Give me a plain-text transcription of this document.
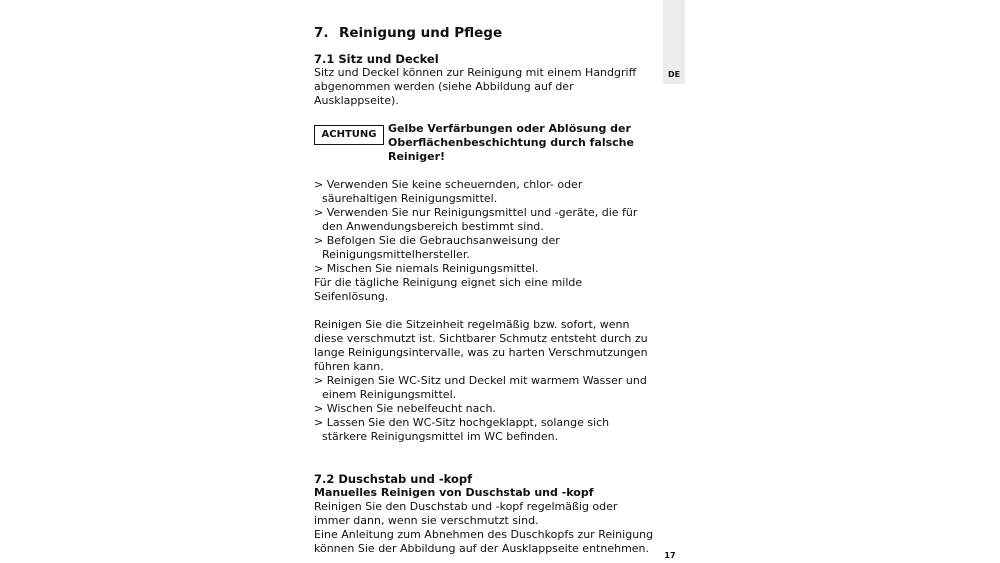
DE
7. Reinigung und Pflege
7.1 Sitz und Deckel

Sitz und Deckel können zur Reinigung mit einem Handgriff abgenommen werden (siehe Abbildung auf der Ausklappseite).

ACHTUNG	Gelbe Verfärbungen oder Ablösung der Oberflächenbeschichtung durch falsche Reiniger!
> Verwenden Sie keine scheuernden, chlor- oder säurehaltigen Reinigungsmittel.
> Verwenden Sie nur Reinigungsmittel und -geräte, die für den Anwendungsbereich bestimmt sind.
> Befolgen Sie die Gebrauchsanweisung der Reinigungsmittelhersteller.
> Mischen Sie niemals Reinigungsmittel.

Für die tägliche Reinigung eignet sich eine milde Seifenlösung.

Reinigen Sie die Sitzeinheit regelmäßig bzw. sofort, wenn diese verschmutzt ist. Sichtbarer Schmutz entsteht durch zu lange Reinigungsintervalle, was zu harten Verschmutzungen führen kann.

> Reinigen Sie WC-Sitz und Deckel mit warmem Wasser und einem Reinigungsmittel.
> Wischen Sie nebelfeucht nach.
> Lassen Sie den WC-Sitz hochgeklappt, solange sich stärkere Reinigungsmittel im WC befinden.
7.2 Duschstab und -kopf
Manuelles Reinigen von Duschstab und -kopf

Reinigen Sie den Duschstab und -kopf regelmäßig oder immer dann, wenn sie verschmutzt sind.

Eine Anleitung zum Abnehmen des Duschkopfs zur Reinigung können Sie der Abbildung auf der Ausklappseite entnehmen.

17
